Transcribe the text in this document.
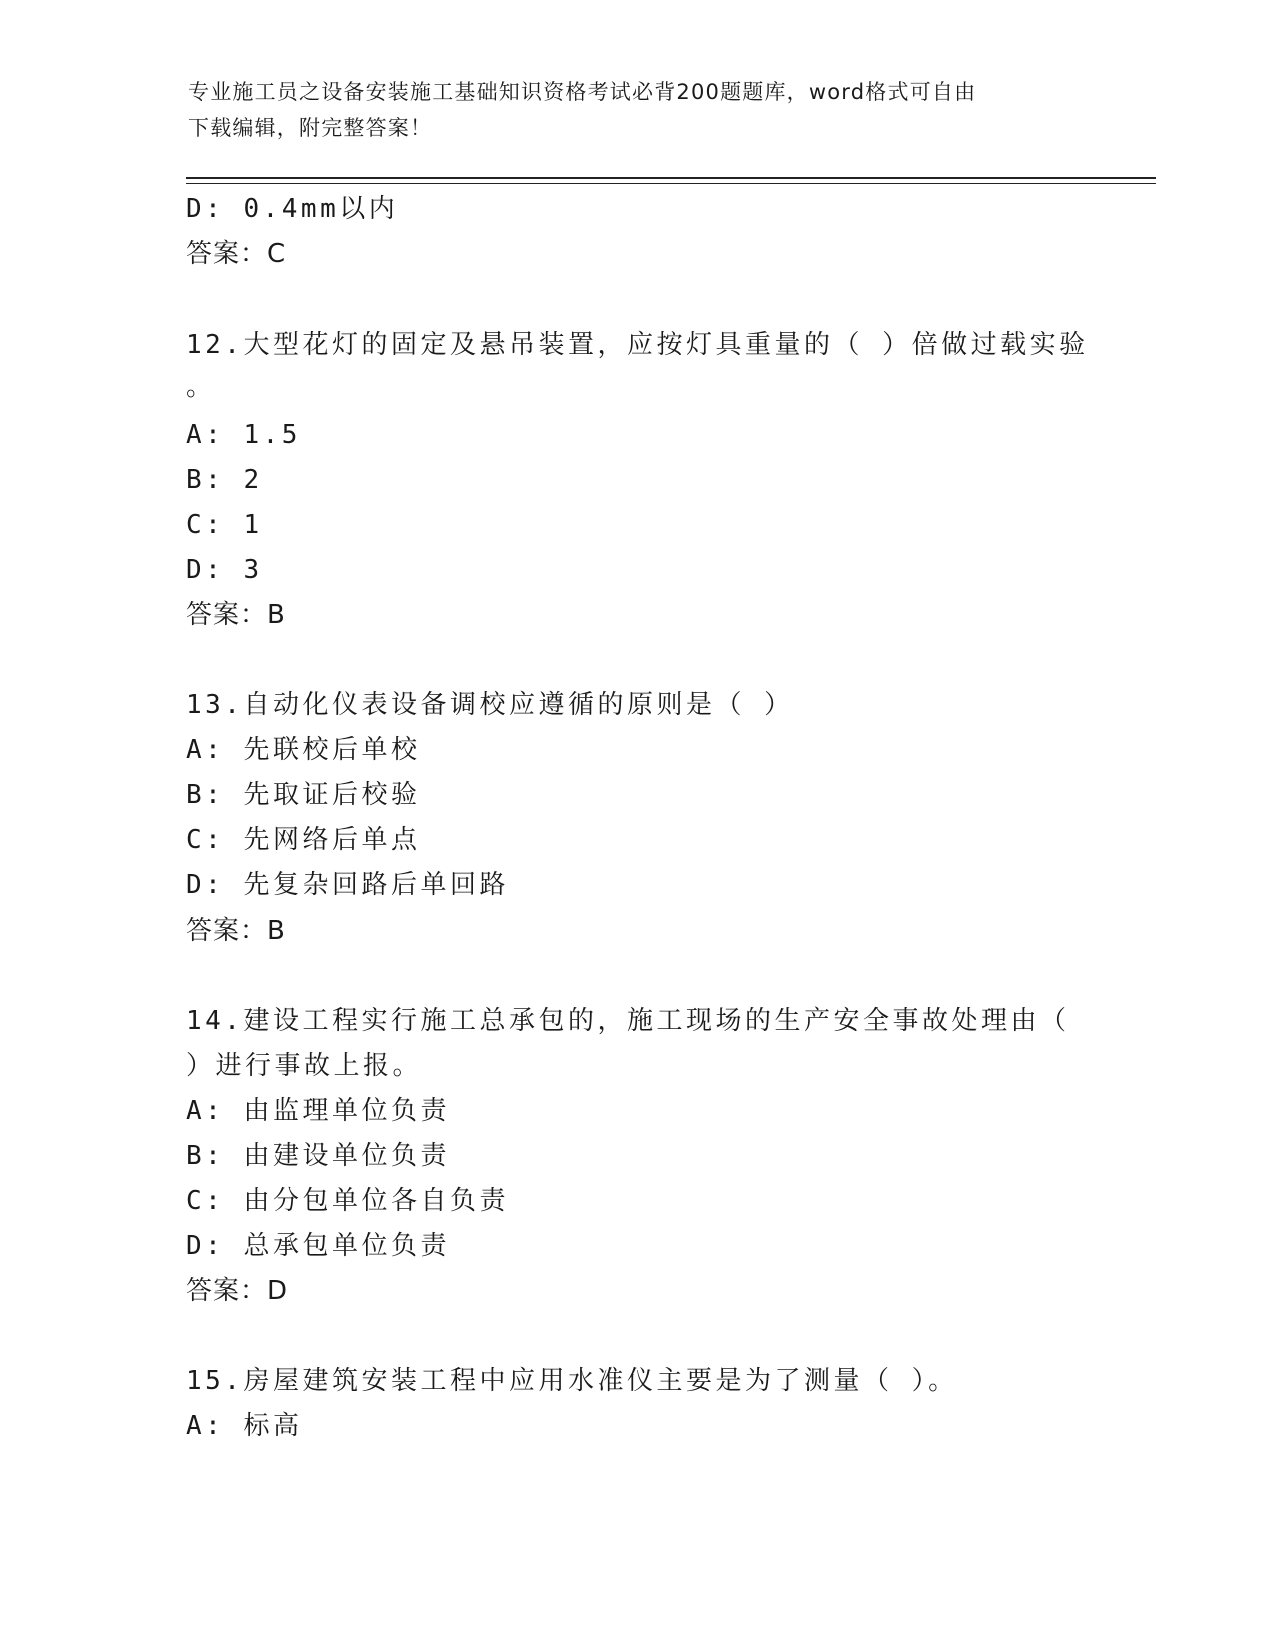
专业施工员之设备安装施工基础知识资格考试必背200题题库，word格式可自由
下载编辑，附完整答案！
D: 0.4mm以内
答案：C
12.大型花灯的固定及悬吊装置，应按灯具重量的（ ）倍做过载实验
。
A: 1.5
B: 2
C: 1
D: 3
答案：B
13.自动化仪表设备调校应遵循的原则是（ ）
A: 先联校后单校
B: 先取证后校验
C: 先网络后单点
D: 先复杂回路后单回路
答案：B
14.建设工程实行施工总承包的，施工现场的生产安全事故处理由（
）进行事故上报。
A: 由监理单位负责
B: 由建设单位负责
C: 由分包单位各自负责
D: 总承包单位负责
答案：D
15.房屋建筑安装工程中应用水准仪主要是为了测量（ ）。
A: 标高
